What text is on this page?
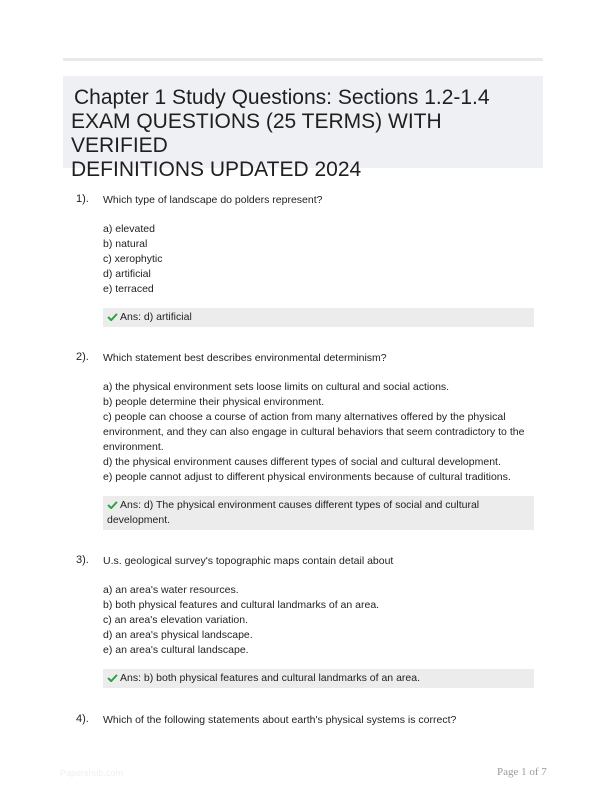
Chapter 1 Study Questions: Sections 1.2-1.4
EXAM QUESTIONS (25 TERMS) WITH VERIFIED
DEFINITIONS UPDATED 2024
1). Which type of landscape do polders represent?
a) elevated
b) natural
c) xerophytic
d) artificial
e) terraced
Ans: d) artificial
2). Which statement best describes environmental determinism?
a) the physical environment sets loose limits on cultural and social actions.
b) people determine their physical environment.
c) people can choose a course of action from many alternatives offered by the physical environment, and they can also engage in cultural behaviors that seem contradictory to the environment.
d) the physical environment causes different types of social and cultural development.
e) people cannot adjust to different physical environments because of cultural traditions.
Ans: d) The physical environment causes different types of social and cultural development.
3). U.s. geological survey's topographic maps contain detail about
a) an area's water resources.
b) both physical features and cultural landmarks of an area.
c) an area's elevation variation.
d) an area's physical landscape.
e) an area's cultural landscape.
Ans: b) both physical features and cultural landmarks of an area.
4). Which of the following statements about earth's physical systems is correct?
Papershub.com	Page 1 of 7
